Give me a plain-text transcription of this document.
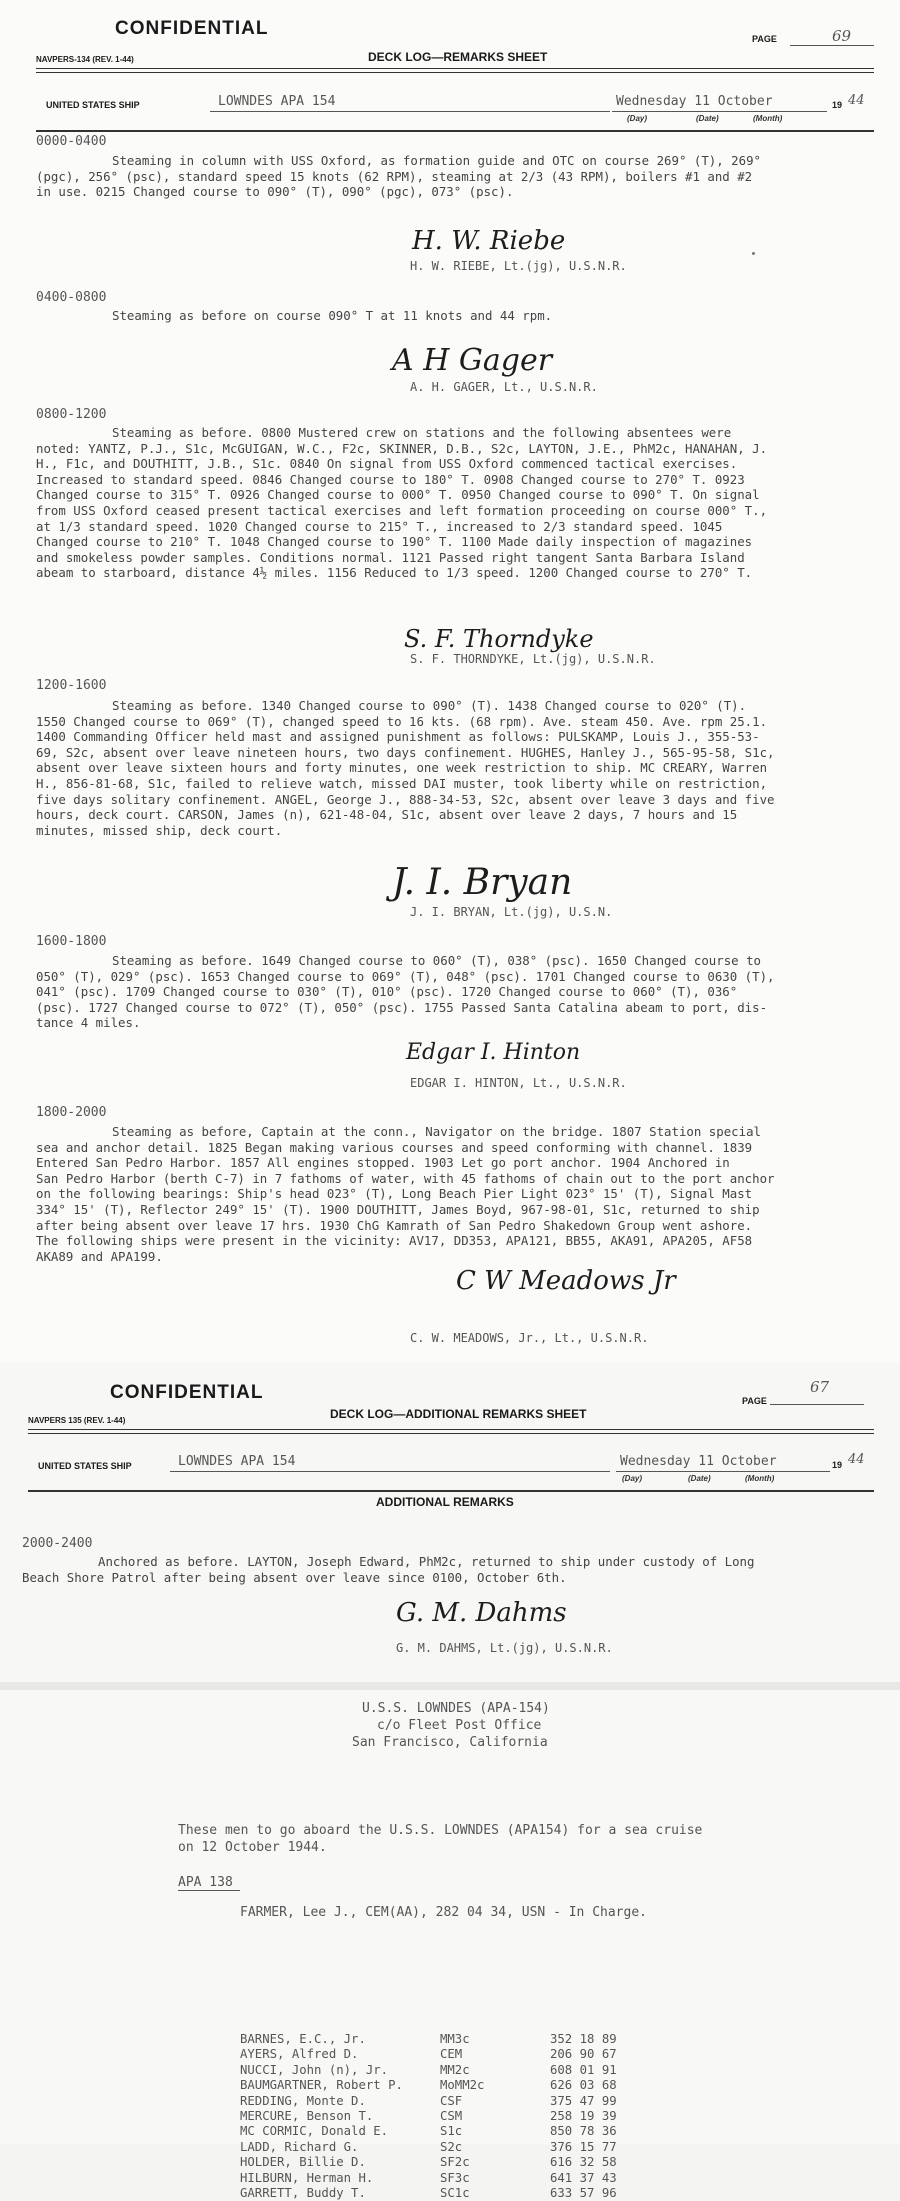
CONFIDENTIAL
NAVPERS-134 (REV. 1-44)	DECK LOG—REMARKS SHEET
PAGE	69
UNITED STATES SHIP	LOWNDES APA 154	Wednesday 11 October	19 44
(Day)	(Date)	(Month)
0000-0400
Steaming in column with USS Oxford, as formation guide and OTC on course 269° (T), 269°
(pgc), 256° (psc), standard speed 15 knots (62 RPM), steaming at 2/3 (43 RPM), boilers #1 and #2
in use. 0215 Changed course to 090° (T), 090° (pgc), 073° (psc).
H. W. Riebe
H. W. RIEBE, Lt.(jg), U.S.N.R.
0400-0800
Steaming as before on course 090° T at 11 knots and 44 rpm.
A H Gager
A. H. GAGER, Lt., U.S.N.R.
0800-1200
Steaming as before. 0800 Mustered crew on stations and the following absentees were
noted: YANTZ, P.J., S1c, McGUIGAN, W.C., F2c, SKINNER, D.B., S2c, LAYTON, J.E., PhM2c, HANAHAN, J.
H., F1c, and DOUTHITT, J.B., S1c. 0840 On signal from USS Oxford commenced tactical exercises.
Increased to standard speed. 0846 Changed course to 180° T. 0908 Changed course to 270° T. 0923
Changed course to 315° T. 0926 Changed course to 000° T. 0950 Changed course to 090° T. On signal
from USS Oxford ceased present tactical exercises and left formation proceeding on course 000° T.,
at 1/3 standard speed. 1020 Changed course to 215° T., increased to 2/3 standard speed. 1045
Changed course to 210° T. 1048 Changed course to 190° T. 1100 Made daily inspection of magazines
and smokeless powder samples. Conditions normal. 1121 Passed right tangent Santa Barbara Island
abeam to starboard, distance 4½ miles. 1156 Reduced to 1/3 speed. 1200 Changed course to 270° T.
S. F. Thorndyke
S. F. THORNDYKE, Lt.(jg), U.S.N.R.
1200-1600
Steaming as before. 1340 Changed course to 090° (T). 1438 Changed course to 020° (T).
1550 Changed course to 069° (T), changed speed to 16 kts. (68 rpm). Ave. steam 450. Ave. rpm 25.1.
1400 Commanding Officer held mast and assigned punishment as follows: PULSKAMP, Louis J., 355-53-
69, S2c, absent over leave nineteen hours, two days confinement. HUGHES, Hanley J., 565-95-58, S1c,
absent over leave sixteen hours and forty minutes, one week restriction to ship. MC CREARY, Warren
H., 856-81-68, S1c, failed to relieve watch, missed DAI muster, took liberty while on restriction,
five days solitary confinement. ANGEL, George J., 888-34-53, S2c, absent over leave 3 days and five
hours, deck court. CARSON, James (n), 621-48-04, S1c, absent over leave 2 days, 7 hours and 15
minutes, missed ship, deck court.
J. I. Bryan
J. I. BRYAN, Lt.(jg), U.S.N.
1600-1800
Steaming as before. 1649 Changed course to 060° (T), 038° (psc). 1650 Changed course to
050° (T), 029° (psc). 1653 Changed course to 069° (T), 048° (psc). 1701 Changed course to 0630 (T),
041° (psc). 1709 Changed course to 030° (T), 010° (psc). 1720 Changed course to 060° (T), 036°
(psc). 1727 Changed course to 072° (T), 050° (psc). 1755 Passed Santa Catalina abeam to port, dis-
tance 4 miles.
Edgar I. Hinton
EDGAR I. HINTON, Lt., U.S.N.R.
1800-2000
Steaming as before, Captain at the conn., Navigator on the bridge. 1807 Station special
sea and anchor detail. 1825 Began making various courses and speed conforming with channel. 1839
Entered San Pedro Harbor. 1857 All engines stopped. 1903 Let go port anchor. 1904 Anchored in
San Pedro Harbor (berth C-7) in 7 fathoms of water, with 45 fathoms of chain out to the port anchor
on the following bearings: Ship's head 023° (T), Long Beach Pier Light 023° 15' (T), Signal Mast
334° 15' (T), Reflector 249° 15' (T). 1900 DOUTHITT, James Boyd, 967-98-01, S1c, returned to ship
after being absent over leave 17 hrs. 1930 ChG Kamrath of San Pedro Shakedown Group went ashore.
The following ships were present in the vicinity: AV17, DD353, APA121, BB55, AKA91, APA205, AF58
AKA89 and APA199.
C W Meadows Jr
C. W. MEADOWS, Jr., Lt., U.S.N.R.
CONFIDENTIAL
NAVPERS 135 (REV. 1-44)	DECK LOG—ADDITIONAL REMARKS SHEET
PAGE
67
UNITED STATES SHIP	LOWNDES APA 154	Wednesday 11 October	19 44
(Day)	(Date)	(Month)
ADDITIONAL REMARKS
2000-2400
Anchored as before. LAYTON, Joseph Edward, PhM2c, returned to ship under custody of Long
Beach Shore Patrol after being absent over leave since 0100, October 6th.
G. M. Dahms
G. M. DAHMS, Lt.(jg), U.S.N.R.
U.S.S. LOWNDES (APA-154)
c/o Fleet Post Office
San Francisco, California
These men to go aboard the U.S.S. LOWNDES (APA154) for a sea cruise
on 12 October 1944.
APA 138
FARMER, Lee J., CEM(AA), 282 04 34, USN - In Charge.
BARNES, E.C., Jr.	MM3c	352 18 89
AYERS, Alfred D.	CEM	206 90 67
NUCCI, John (n), Jr.	MM2c	608 01 91
BAUMGARTNER, Robert P.	MoMM2c	626 03 68
REDDING, Monte D.	CSF	375 47 99
MERCURE, Benson T.	CSM	258 19 39
MC CORMIC, Donald E.	S1c	850 78 36
LADD, Richard G.	S2c	376 15 77
HOLDER, Billie D.	SF2c	616 32 58
HILBURN, Herman H.	SF3c	641 37 43
GARRETT, Buddy T.	SC1c	633 57 96
